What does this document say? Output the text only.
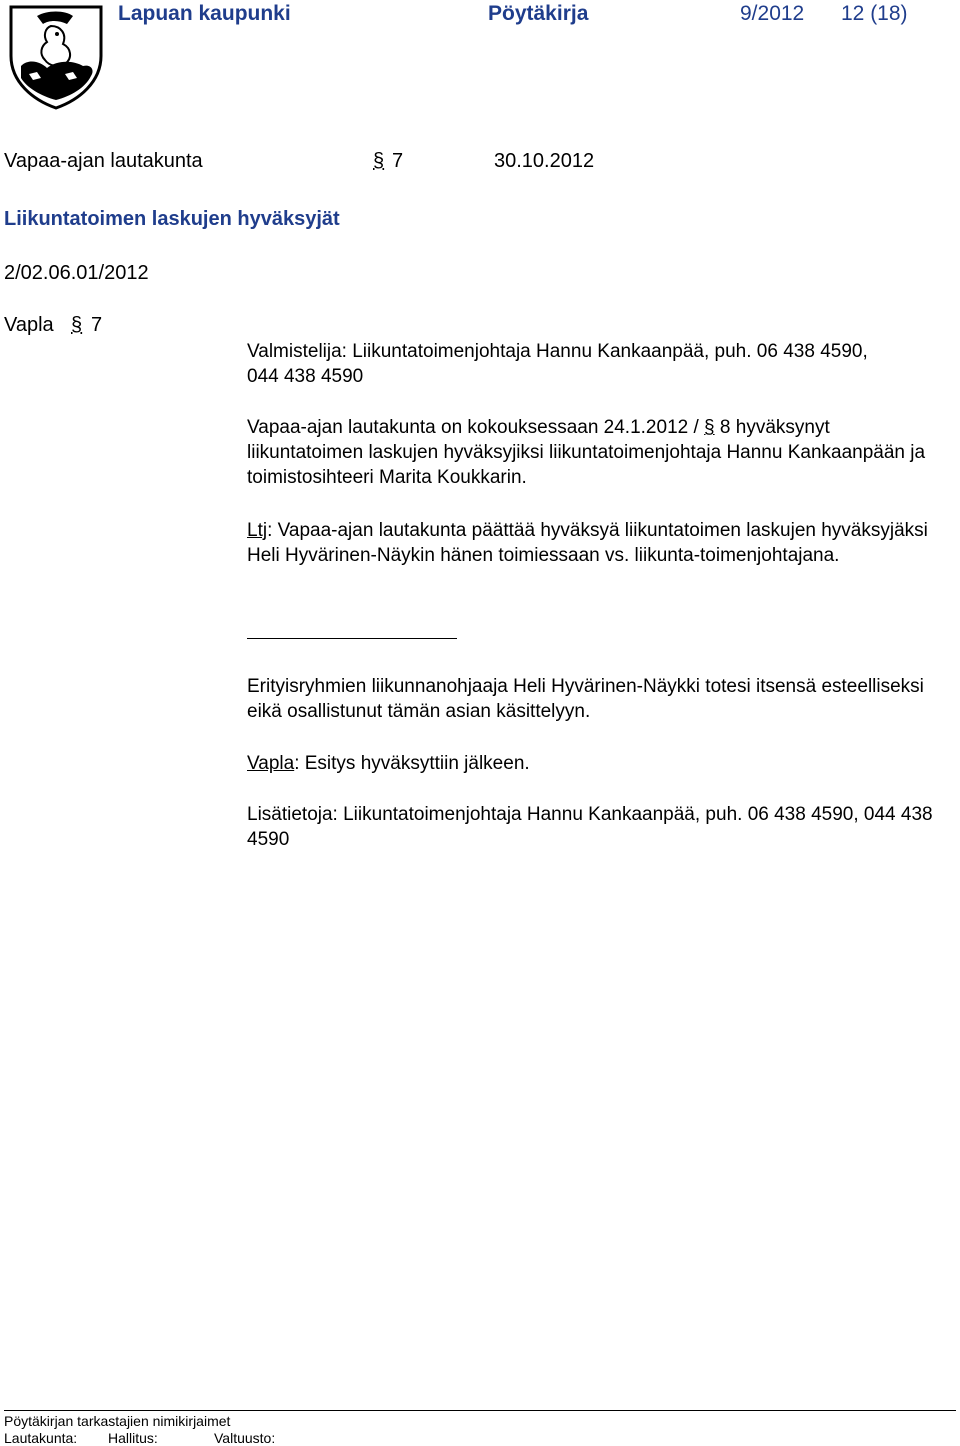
Lapuan kaupunki	Pöytäkirja	9/2012 12 (18)
Vapaa-ajan lautakunta	§ 7	30.10.2012
Liikuntatoimen laskujen hyväksyjät
2/02.06.01/2012
Vapla § 7

Valmistelija: Liikuntatoimenjohtaja Hannu Kankaanpää, puh. 06 438 4590, 044 438 4590

Vapaa-ajan lautakunta on kokouksessaan 24.1.2012 / § 8 hyväksynyt liikuntatoimen laskujen hyväksyjiksi liikuntatoimenjohtaja Hannu Kankaanpään ja toimistosihteeri Marita Koukkarin.

Ltj: Vapaa-ajan lautakunta päättää hyväksyä liikuntatoimen laskujen hyväksyjäksi Heli Hyvärinen-Näykin hänen toimiessaan vs. liikunta-toimenjohtajana.

Erityisryhmien liikunnanohjaaja Heli Hyvärinen-Näykki totesi itsensä esteelliseksi eikä osallistunut tämän asian käsittelyyn.

Vapla: Esitys hyväksyttiin jälkeen.

Lisätietoja: Liikuntatoimenjohtaja Hannu Kankaanpää, puh. 06 438 4590, 044 438 4590

Pöytäkirjan tarkastajien nimikirjaimet
Lautakunta: Hallitus:	Valtuusto:
